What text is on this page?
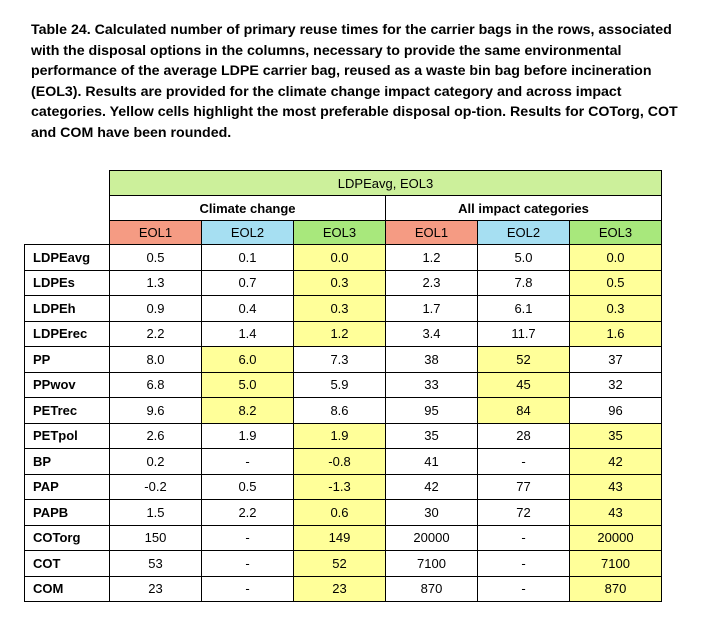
Table 24. Calculated number of primary reuse times for the carrier bags in the rows, associated with the disposal options in the columns, necessary to provide the same environmental performance of the average LDPE carrier bag, reused as a waste bin bag before incineration (EOL3). Results are provided for the climate change impact category and across impact categories. Yellow cells highlight the most preferable disposal op-tion. Results for COTorg, COT and COM have been rounded.

	LDPEavg, EOL3					
	Climate change			All impact categories		
	EOL1	EOL2	EOL3	EOL1	EOL2	EOL3
LDPEavg	0.5	0.1	0.0	1.2	5.0	0.0
LDPEs	1.3	0.7	0.3	2.3	7.8	0.5
LDPEh	0.9	0.4	0.3	1.7	6.1	0.3
LDPErec	2.2	1.4	1.2	3.4	11.7	1.6
PP	8.0	6.0	7.3	38	52	37
PPwov	6.8	5.0	5.9	33	45	32
PETrec	9.6	8.2	8.6	95	84	96
PETpol	2.6	1.9	1.9	35	28	35
BP	0.2	-	-0.8	41	-	42
PAP	-0.2	0.5	-1.3	42	77	43
PAPB	1.5	2.2	0.6	30	72	43
COTorg	150	-	149	20000	-	20000
COT	53	-	52	7100	-	7100
COM	23	-	23	870	-	870
